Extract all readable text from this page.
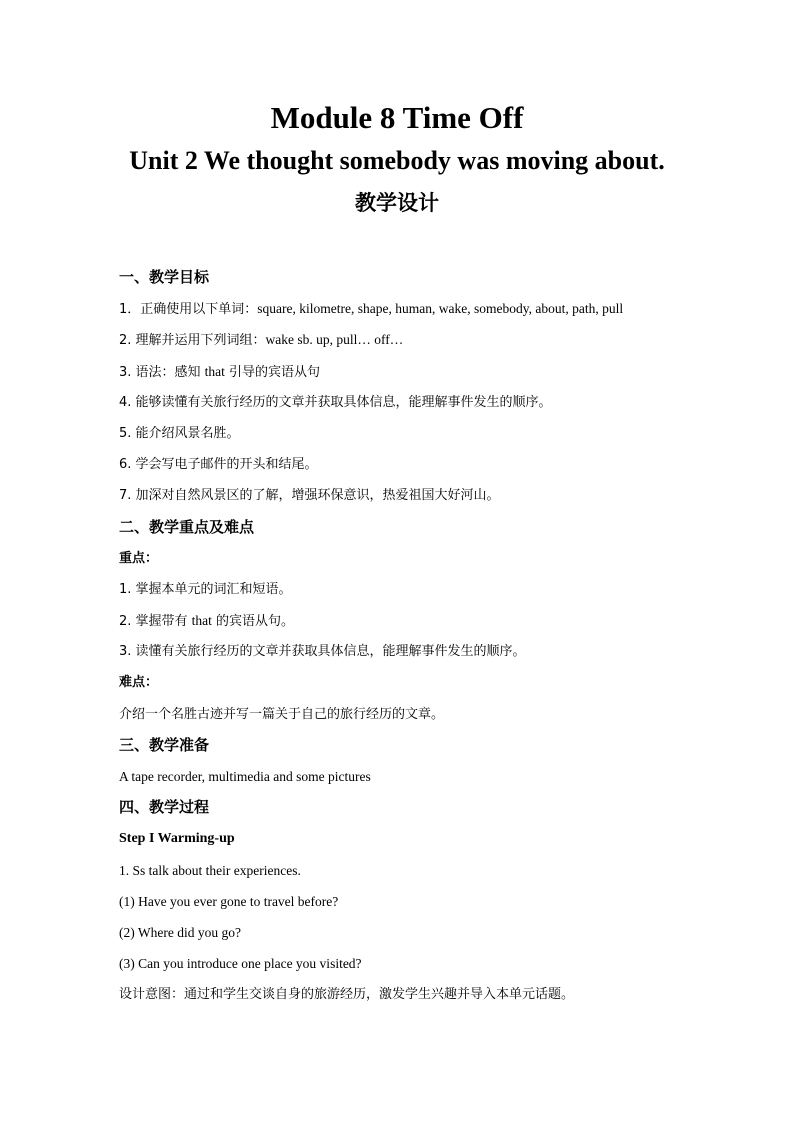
Module 8 Time Off

Unit 2 We thought somebody was moving about.

教学设计

一、教学目标
1．正确使用以下单词：square, kilometre, shape, human, wake, somebody, about, path, pull
2. 理解并运用下列词组：wake sb. up, pull… off…
3. 语法：感知 that 引导的宾语从句
4. 能够读懂有关旅行经历的文章并获取具体信息，能理解事件发生的顺序。
5. 能介绍风景名胜。
6. 学会写电子邮件的开头和结尾。
7. 加深对自然风景区的了解，增强环保意识，热爱祖国大好河山。
二、教学重点及难点
重点：
1. 掌握本单元的词汇和短语。
2. 掌握带有 that 的宾语从句。
3. 读懂有关旅行经历的文章并获取具体信息，能理解事件发生的顺序。
难点：
介绍一个名胜古迹并写一篇关于自己的旅行经历的文章。
三、教学准备
A tape recorder, multimedia and some pictures
四、教学过程
Step I Warming-up
1. Ss talk about their experiences.
(1) Have you ever gone to travel before?
(2) Where did you go?
(3) Can you introduce one place you visited?
设计意图：通过和学生交谈自身的旅游经历，激发学生兴趣并导入本单元话题。
